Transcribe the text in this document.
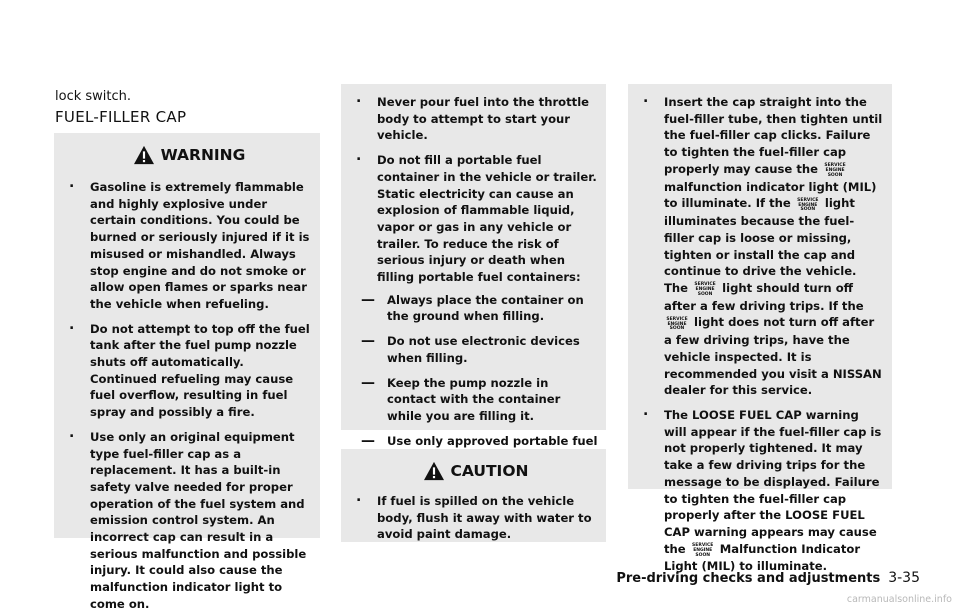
lock switch.
FUEL-FILLER CAP
WARNING
. Gasoline is extremely flammable and highly explosive under certain conditions. You could be burned or seriously injured if it is misused or mishandled. Always stop engine and do not smoke or allow open flames or sparks near the vehicle when refueling.
. Do not attempt to top off the fuel tank after the fuel pump nozzle shuts off automatically. Continued refueling may cause fuel overflow, resulting in fuel spray and possibly a fire.
. Use only an original equipment type fuel-filler cap as a replacement. It has a built-in safety valve needed for proper operation of the fuel system and emission control system. An incorrect cap can result in a serious malfunction and possible injury. It could also cause the malfunction indicator light to come on.
. Never pour fuel into the throttle body to attempt to start your vehicle.
. Do not fill a portable fuel container in the vehicle or trailer. Static electricity can cause an explosion of flammable liquid, vapor or gas in any vehicle or trailer. To reduce the risk of serious injury or death when filling portable fuel containers:
— Always place the container on the ground when filling.
— Do not use electronic devices when filling.
— Keep the pump nozzle in contact with the container while you are filling it.
— Use only approved portable fuel
CAUTION
. If fuel is spilled on the vehicle body, flush it away with water to avoid paint damage.
. Insert the cap straight into the fuel-filler tube, then tighten until the fuel-filler cap clicks. Failure to tighten the fuel-filler cap properly may cause the SERVICE ENGINE SOON malfunction indicator light (MIL) to illuminate. If the SERVICE ENGINE SOON light illuminates because the fuel-filler cap is loose or missing, tighten or install the cap and continue to drive the vehicle. The SERVICE ENGINE SOON light should turn off after a few driving trips. If the SERVICE ENGINE SOON light does not turn off after a few driving trips, have the vehicle inspected. It is recommended you visit a NISSAN dealer for this service.
. The LOOSE FUEL CAP warning will appear if the fuel-filler cap is not properly tightened. It may take a few driving trips for the message to be displayed. Failure to tighten the fuel-filler cap properly after the LOOSE FUEL CAP warning appears may cause the SERVICE ENGINE SOON Malfunction Indicator Light (MIL) to illuminate.
Pre-driving checks and adjustments 3-35
carmanualsonline.info
